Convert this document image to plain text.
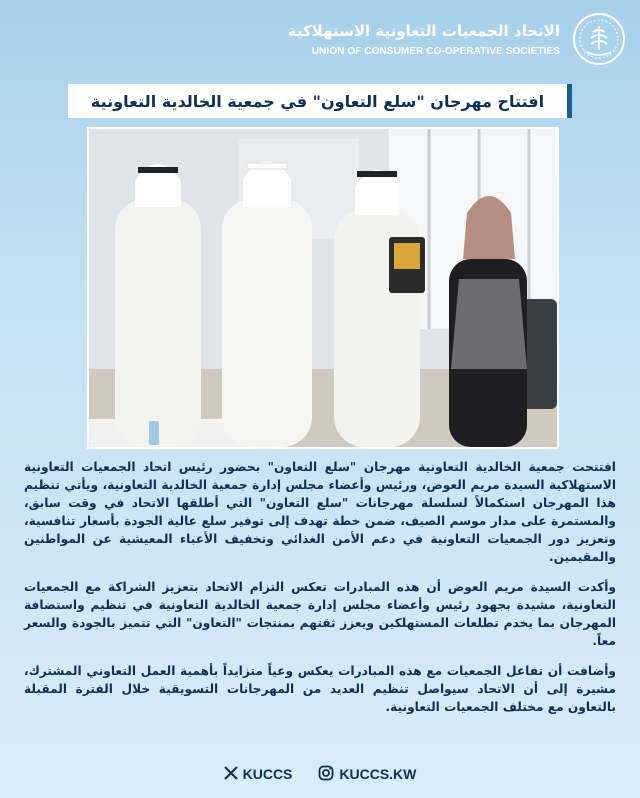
الاتحاد الجمعيات التعاونية الاستهلاكية
UNION OF CONSUMER CO-OPERATIVE SOCIETIES
افتتاح مهرجان "سلع التعاون" في جمعية الخالدية التعاونية

افتتحت جمعية الخالدية التعاونية مهرجان "سلع التعاون" بحضور رئيس اتحاد الجمعيات التعاونية الاستهلاكية السيدة مريم العوض، ورئيس وأعضاء مجلس إدارة جمعية الخالدية التعاونية، ويأتي تنظيم هذا المهرجان استكمالاً لسلسلة مهرجانات "سلع التعاون" التي أطلقها الاتحاد في وقت سابق، والمستمرة على مدار موسم الصيف، ضمن خطة تهدف إلى توفير سلع عالية الجودة بأسعار تنافسية، وتعزيز دور الجمعيات التعاونية في دعم الأمن الغذائي وتخفيف الأعباء المعيشية عن المواطنين والمقيمين.

وأكدت السيدة مريم العوض أن هذه المبادرات تعكس التزام الاتحاد بتعزيز الشراكة مع الجمعيات التعاونية، مشيدة بجهود رئيس وأعضاء مجلس إدارة جمعية الخالدية التعاونية في تنظيم واستضافة المهرجان بما يخدم تطلعات المستهلكين ويعزز ثقتهم بمنتجات "التعاون" التي تتميز بالجودة والسعر معاً.

وأضافت أن تفاعل الجمعيات مع هذه المبادرات يعكس وعياً متزايداً بأهمية العمل التعاوني المشترك، مشيرة إلى أن الاتحاد سيواصل تنظيم العديد من المهرجانات التسويقية خلال الفترة المقبلة بالتعاون مع مختلف الجمعيات التعاونية.

KUCCS	KUCCS.KW
